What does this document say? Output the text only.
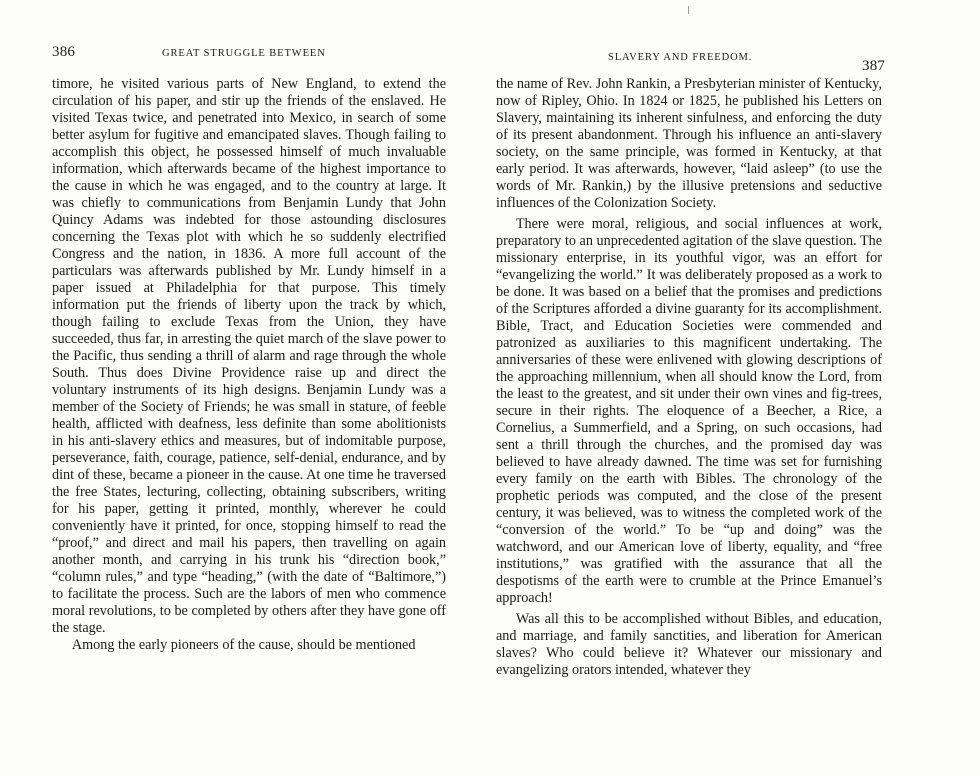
386	GREAT STRUGGLE BETWEEN

timore, he visited various parts of New England, to extend the circulation of his paper, and stir up the friends of the enslaved. He visited Texas twice, and penetrated into Mexico, in search of some better asylum for fugitive and emancipated slaves. Though failing to accomplish this object, he possessed himself of much invaluable information, which afterwards became of the highest importance to the cause in which he was engaged, and to the country at large. It was chiefly to communications from Benjamin Lundy that John Quincy Adams was indebted for those astounding disclosures concerning the Texas plot with which he so suddenly electrified Congress and the nation, in 1836. A more full account of the particulars was afterwards published by Mr. Lundy himself in a paper issued at Philadelphia for that purpose. This timely information put the friends of liberty upon the track by which, though failing to exclude Texas from the Union, they have succeeded, thus far, in arresting the quiet march of the slave power to the Pacific, thus sending a thrill of alarm and rage through the whole South. Thus does Divine Providence raise up and direct the voluntary instruments of its high designs. Benjamin Lundy was a member of the Society of Friends; he was small in stature, of feeble health, afflicted with deafness, less definite than some abolitionists in his anti-slavery ethics and measures, but of indomitable purpose, perseverance, faith, courage, patience, self-denial, endurance, and by dint of these, became a pioneer in the cause. At one time he traversed the free States, lecturing, collecting, obtaining subscribers, writing for his paper, getting it printed, monthly, wherever he could conveniently have it printed, for once, stopping himself to read the “proof,” and direct and mail his papers, then travelling on again another month, and carrying in his trunk his “direction book,” “column rules,” and type “heading,” (with the date of “Baltimore,”) to facilitate the process. Such are the labors of men who commence moral revolutions, to be completed by others after they have gone off the stage.

Among the early pioneers of the cause, should be mentioned

SLAVERY AND FREEDOM.
387

the name of Rev. John Rankin, a Presbyterian minister of Kentucky, now of Ripley, Ohio. In 1824 or 1825, he published his Letters on Slavery, maintaining its inherent sinfulness, and enforcing the duty of its present abandonment. Through his influence an anti-slavery society, on the same principle, was formed in Kentucky, at that early period. It was afterwards, however, “laid asleep” (to use the words of Mr. Rankin,) by the illusive pretensions and seductive influences of the Colonization Society.

There were moral, religious, and social influences at work, preparatory to an unprecedented agitation of the slave question. The missionary enterprise, in its youthful vigor, was an effort for “evangelizing the world.” It was deliberately proposed as a work to be done. It was based on a belief that the promises and predictions of the Scriptures afforded a divine guaranty for its accomplishment. Bible, Tract, and Education Societies were commended and patronized as auxiliaries to this magnificent undertaking. The anniversaries of these were enlivened with glowing descriptions of the approaching millennium, when all should know the Lord, from the least to the greatest, and sit under their own vines and fig-trees, secure in their rights. The eloquence of a Beecher, a Rice, a Cornelius, a Summerfield, and a Spring, on such occasions, had sent a thrill through the churches, and the promised day was believed to have already dawned. The time was set for furnishing every family on the earth with Bibles. The chronology of the prophetic periods was computed, and the close of the present century, it was believed, was to witness the completed work of the “conversion of the world.” To be “up and doing” was the watchword, and our American love of liberty, equality, and “free institutions,” was gratified with the assurance that all the despotisms of the earth were to crumble at the Prince Emanuel’s approach!

Was all this to be accomplished without Bibles, and education, and marriage, and family sanctities, and liberation for American slaves? Who could believe it? Whatever our missionary and evangelizing orators intended, whatever they
